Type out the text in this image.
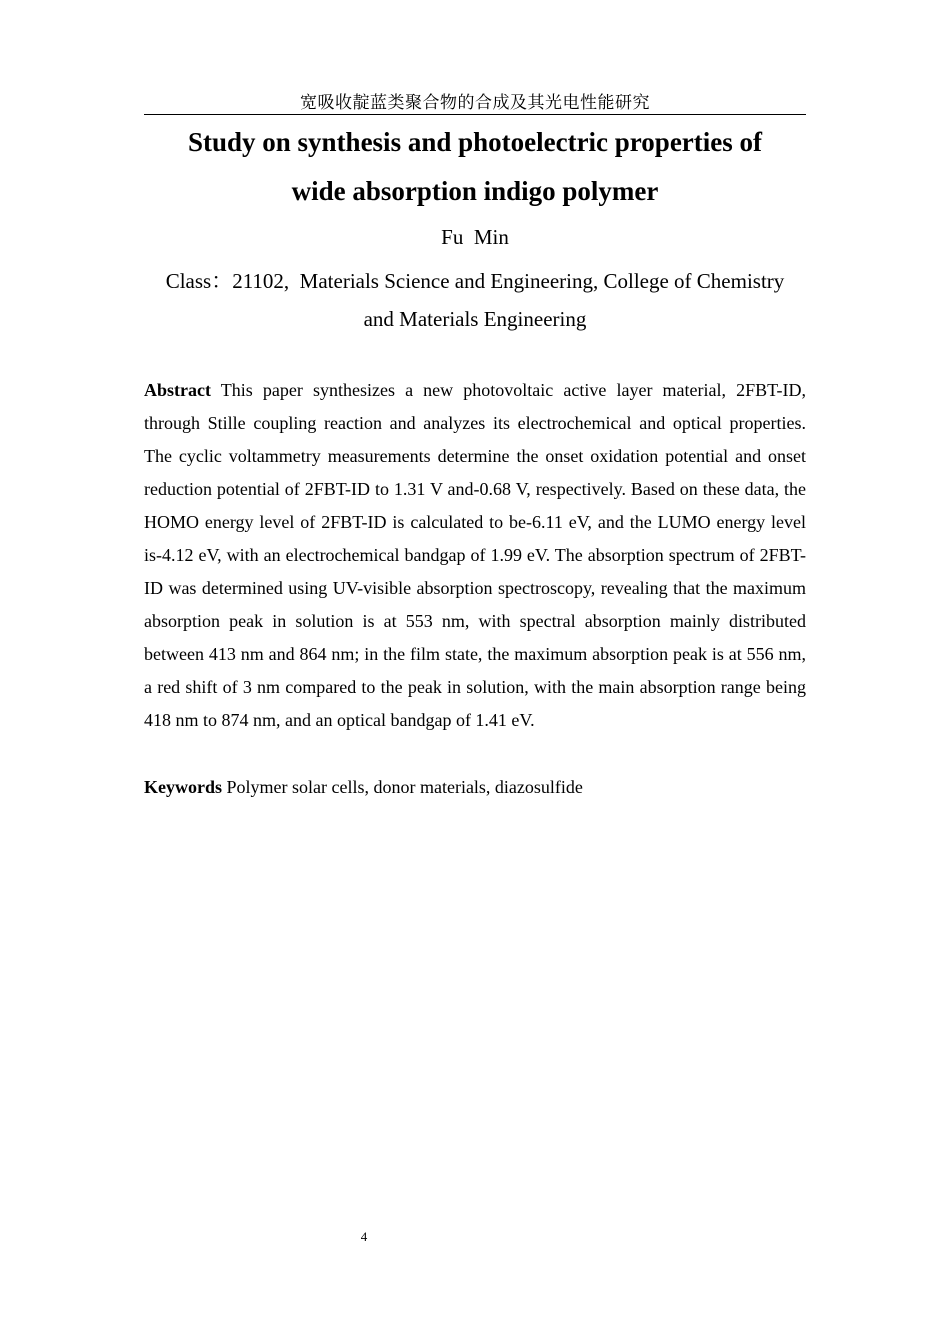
宽吸收靛蓝类聚合物的合成及其光电性能研究
Study on synthesis and photoelectric properties of
wide absorption indigo polymer
Fu  Min
Class：21102,  Materials Science and Engineering, College of Chemistry
and Materials Engineering

Abstract This paper synthesizes a new photovoltaic active layer material, 2FBT-ID, through Stille coupling reaction and analyzes its electrochemical and optical properties. The cyclic voltammetry measurements determine the onset oxidation potential and onset reduction potential of 2FBT-ID to 1.31 V and-0.68 V, respectively. Based on these data, the HOMO energy level of 2FBT-ID is calculated to be-6.11 eV, and the LUMO energy level is-4.12 eV, with an electrochemical bandgap of 1.99 eV. The absorption spectrum of 2FBT-ID was determined using UV-visible absorption spectroscopy, revealing that the maximum absorption peak in solution is at 553 nm, with spectral absorption mainly distributed between 413 nm and 864 nm; in the film state, the maximum absorption peak is at 556 nm, a red shift of 3 nm compared to the peak in solution, with the main absorption range being 418 nm to 874 nm, and an optical bandgap of 1.41 eV.

Keywords Polymer solar cells, donor materials, diazosulfide

4
